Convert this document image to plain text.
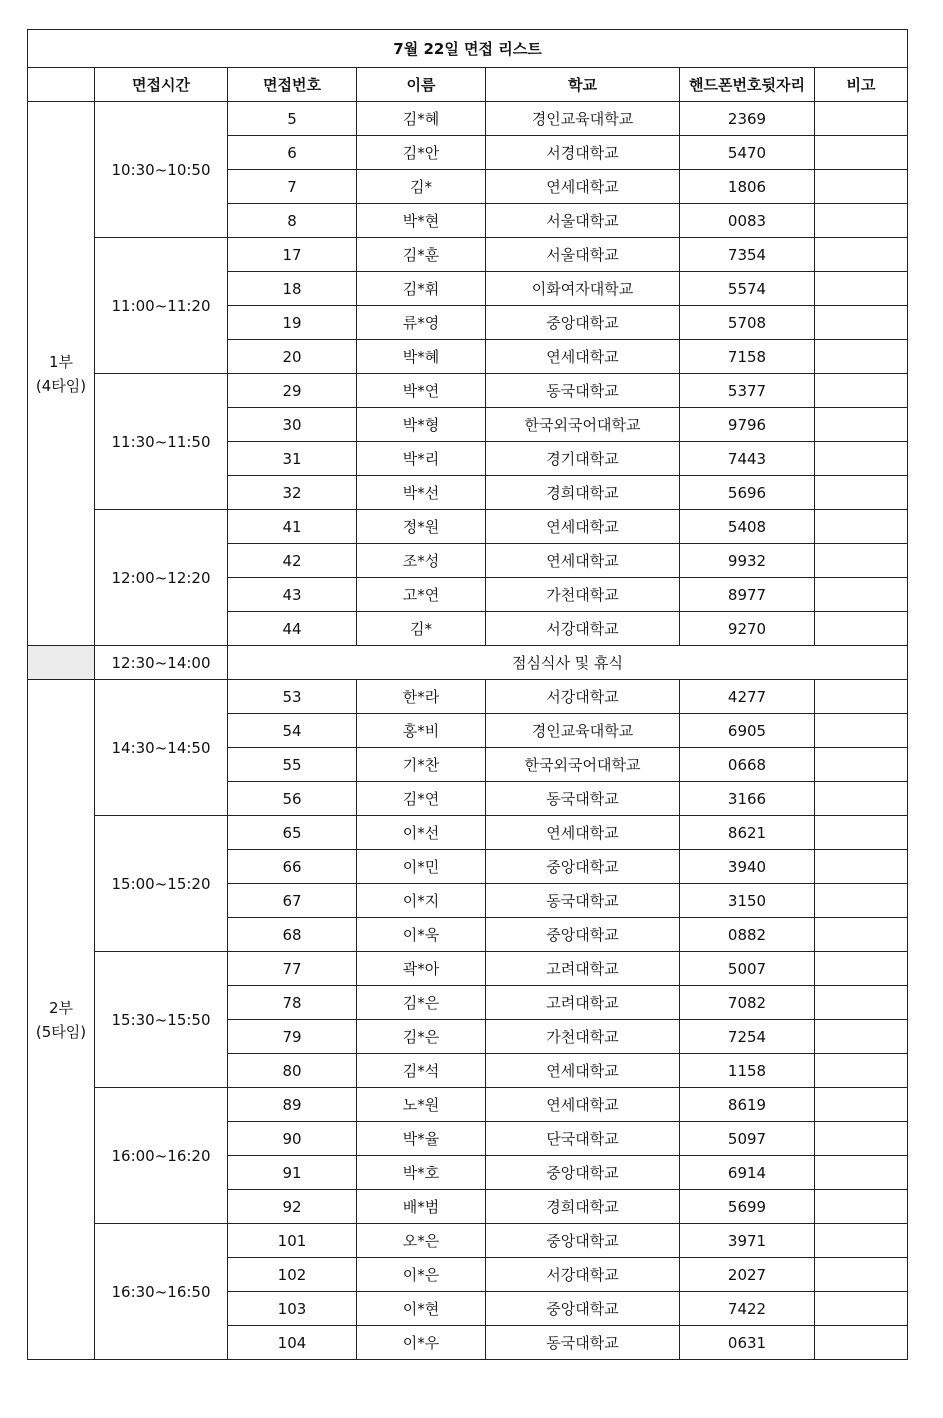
7월 22일 면접 리스트						
	면접시간	면접번호	이름	학교	핸드폰번호뒷자리	비고

1부
(4타임)	10:30~10:50	5	김*혜	경인교육대학교	2369	
		6	김*안	서경대학교	5470	
		7	김*	연세대학교	1806	
		8	박*현	서울대학교	0083	
	11:00~11:20	17	김*훈	서울대학교	7354	
		18	김*휘	이화여자대학교	5574	
		19	류*영	중앙대학교	5708	
		20	박*혜	연세대학교	7158	
	11:30~11:50	29	박*연	동국대학교	5377	
		30	박*형	한국외국어대학교	9796	
		31	박*리	경기대학교	7443	
		32	박*선	경희대학교	5696	
	12:00~12:20	41	정*원	연세대학교	5408	
		42	조*성	연세대학교	9932	
		43	고*연	가천대학교	8977	
		44	김*	서강대학교	9270	
	12:30~14:00	점심식사 및 휴식				

2부
(5타임)	14:30~14:50	53	한*라	서강대학교	4277	
		54	홍*비	경인교육대학교	6905	
		55	기*찬	한국외국어대학교	0668	
		56	김*연	동국대학교	3166	
	15:00~15:20	65	이*선	연세대학교	8621	
		66	이*민	중앙대학교	3940	
		67	이*지	동국대학교	3150	
		68	이*욱	중앙대학교	0882	
	15:30~15:50	77	곽*아	고려대학교	5007	
		78	김*은	고려대학교	7082	
		79	김*은	가천대학교	7254	
		80	김*석	연세대학교	1158	
	16:00~16:20	89	노*원	연세대학교	8619	
		90	박*율	단국대학교	5097	
		91	박*호	중앙대학교	6914	
		92	배*범	경희대학교	5699	
	16:30~16:50	101	오*은	중앙대학교	3971	
		102	이*은	서강대학교	2027	
		103	이*현	중앙대학교	7422	
		104	이*우	동국대학교	0631	
